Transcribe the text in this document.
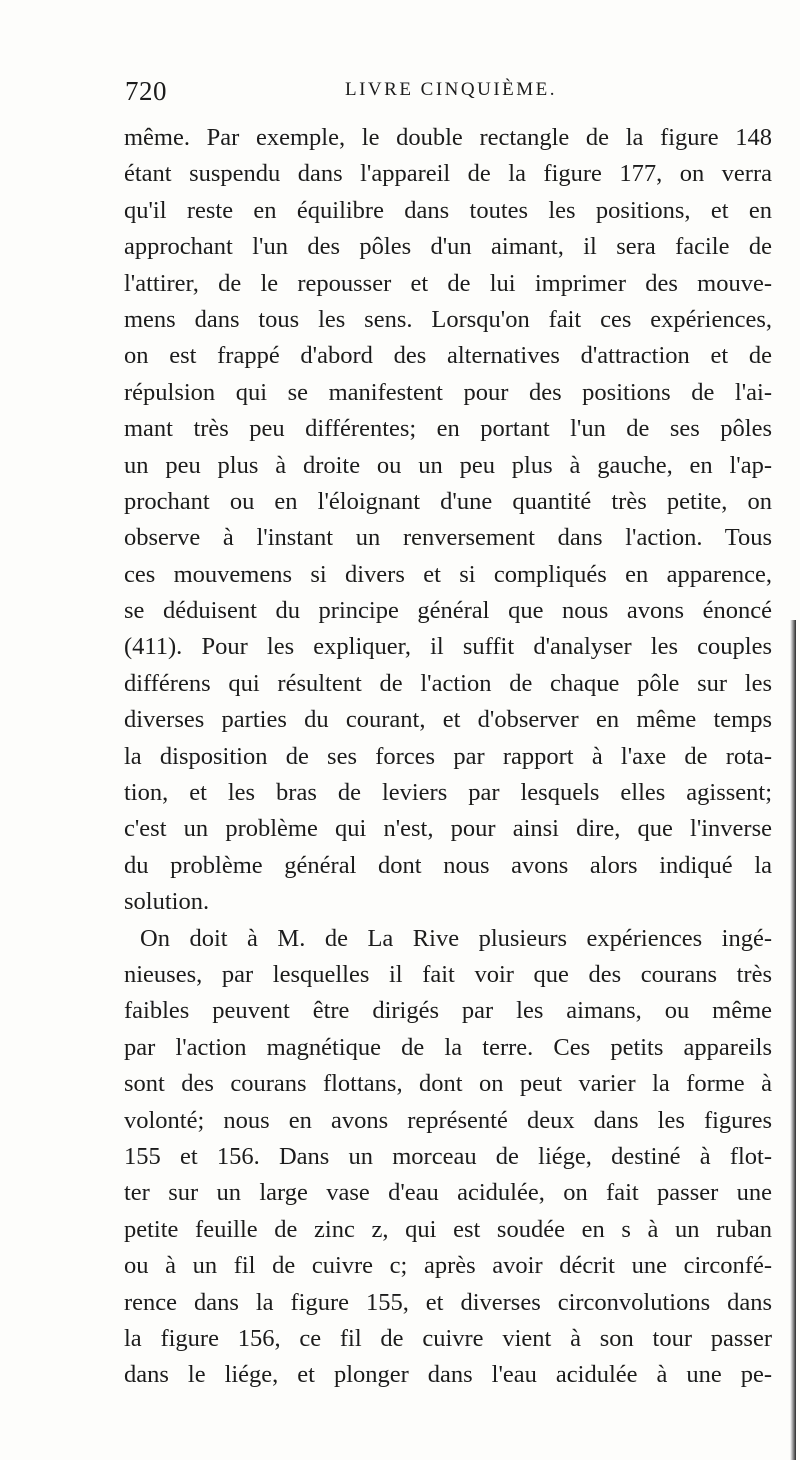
720	LIVRE CINQUIÈME.
même. Par exemple, le double rectangle de la figure 148
étant suspendu dans l'appareil de la figure 177, on verra
qu'il reste en équilibre dans toutes les positions, et en
approchant l'un des pôles d'un aimant, il sera facile de
l'attirer, de le repousser et de lui imprimer des mouve-
mens dans tous les sens. Lorsqu'on fait ces expériences,
on est frappé d'abord des alternatives d'attraction et de
répulsion qui se manifestent pour des positions de l'ai-
mant très peu différentes; en portant l'un de ses pôles
un peu plus à droite ou un peu plus à gauche, en l'ap-
prochant ou en l'éloignant d'une quantité très petite, on
observe à l'instant un renversement dans l'action. Tous
ces mouvemens si divers et si compliqués en apparence,
se déduisent du principe général que nous avons énoncé
(411). Pour les expliquer, il suffit d'analyser les couples
différens qui résultent de l'action de chaque pôle sur les
diverses parties du courant, et d'observer en même temps
la disposition de ses forces par rapport à l'axe de rota-
tion, et les bras de leviers par lesquels elles agissent;
c'est un problème qui n'est, pour ainsi dire, que l'inverse
du problème général dont nous avons alors indiqué la
solution.
On doit à M. de La Rive plusieurs expériences ingé-
nieuses, par lesquelles il fait voir que des courans très
faibles peuvent être dirigés par les aimans, ou même
par l'action magnétique de la terre. Ces petits appareils
sont des courans flottans, dont on peut varier la forme à
volonté; nous en avons représenté deux dans les figures
155 et 156. Dans un morceau de liége, destiné à flot-
ter sur un large vase d'eau acidulée, on fait passer une
petite feuille de zinc z, qui est soudée en s à un ruban
ou à un fil de cuivre c; après avoir décrit une circonfé-
rence dans la figure 155, et diverses circonvolutions dans
la figure 156, ce fil de cuivre vient à son tour passer
dans le liége, et plonger dans l'eau acidulée à une pe-
